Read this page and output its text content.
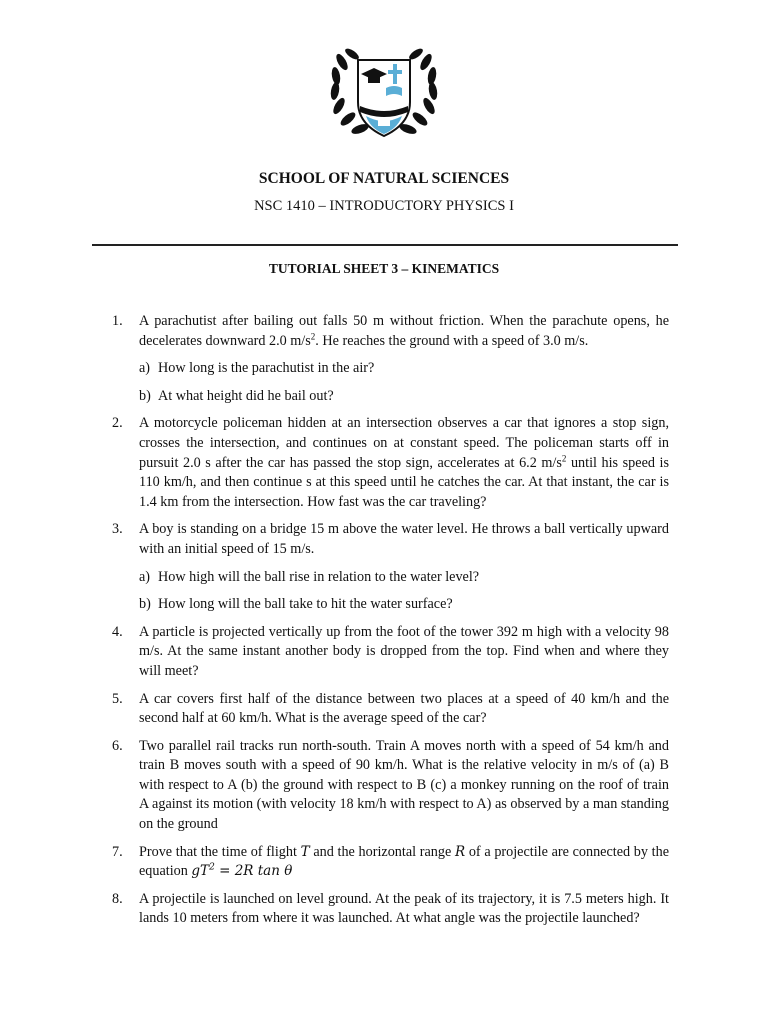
SCHOOL OF NATURAL SCIENCES
NSC 1410 – INTRODUCTORY PHYSICS I
TUTORIAL SHEET 3 – KINEMATICS
1. A parachutist after bailing out falls 50 m without friction. When the parachute opens, he decelerates downward 2.0 $m/s^2$. He reaches the ground with a speed of 3.0 m/s.
a) How long is the parachutist in the air?
b) At what height did he bail out?
2. A motorcycle policeman hidden at an intersection observes a car that ignores a stop sign, crosses the intersection, and continues on at constant speed. The policeman starts off in pursuit 2.0 s after the car has passed the stop sign, accelerates at 6.2 $m/s^2$ until his speed is 110 km/h, and then continue s at this speed until he catches the car. At that instant, the car is 1.4 km from the intersection. How fast was the car traveling?
3. A boy is standing on a bridge 15 m above the water level. He throws a ball vertically upward with an initial speed of 15 m/s.
a) How high will the ball rise in relation to the water level?
b) How long will the ball take to hit the water surface?
4. A particle is projected vertically up from the foot of the tower 392 m high with a velocity 98 m/s. At the same instant another body is dropped from the top. Find when and where they will meet?
5. A car covers first half of the distance between two places at a speed of 40 km/h and the second half at 60 km/h. What is the average speed of the car?
6. Two parallel rail tracks run north-south. Train A moves north with a speed of 54 km/h and train B moves south with a speed of 90 km/h. What is the relative velocity in m/s of (a) B with respect to A (b) the ground with respect to B (c) a monkey running on the roof of train A against its motion (with velocity 18 km/h with respect to A) as observed by a man standing on the ground
7. Prove that the time of flight T and the horizontal range R of a projectile are connected by the equation $gT^2 = 2R$ tan θ
8. A projectile is launched on level ground. At the peak of its trajectory, it is 7.5 meters high. It lands 10 meters from where it was launched. At what angle was the projectile launched?
